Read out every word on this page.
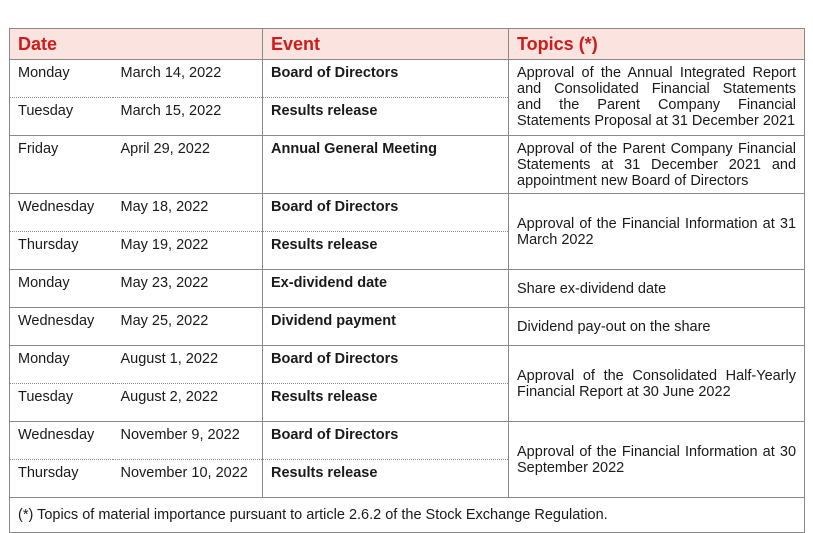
Date		Event	Topics (*)
Monday	March 14, 2022	Board of Directors	Approval of the Annual Integrated Report and Consolidated Financial Statements and the Parent Company Financial Statements Proposal at 31 December 2021
Tuesday	March 15, 2022	Results release	
Friday	April 29, 2022	Annual General Meeting	Approval of the Parent Company Financial Statements at 31 December 2021 and appointment new Board of Directors
Wednesday	May 18, 2022	Board of Directors	Approval of the Financial Information at 31 March 2022
Thursday	May 19, 2022	Results release	
Monday	May 23, 2022	Ex-dividend date	Share ex-dividend date
Wednesday	May 25, 2022	Dividend payment	Dividend pay-out on the share
Monday	August 1, 2022	Board of Directors	Approval of the Consolidated Half-Yearly Financial Report at 30 June 2022
Tuesday	August 2, 2022	Results release	
Wednesday	November 9, 2022	Board of Directors	Approval of the Financial Information at 30 September 2022
Thursday	November 10, 2022	Results release	
(*) Topics of material importance pursuant to article 2.6.2 of the Stock Exchange Regulation.			
